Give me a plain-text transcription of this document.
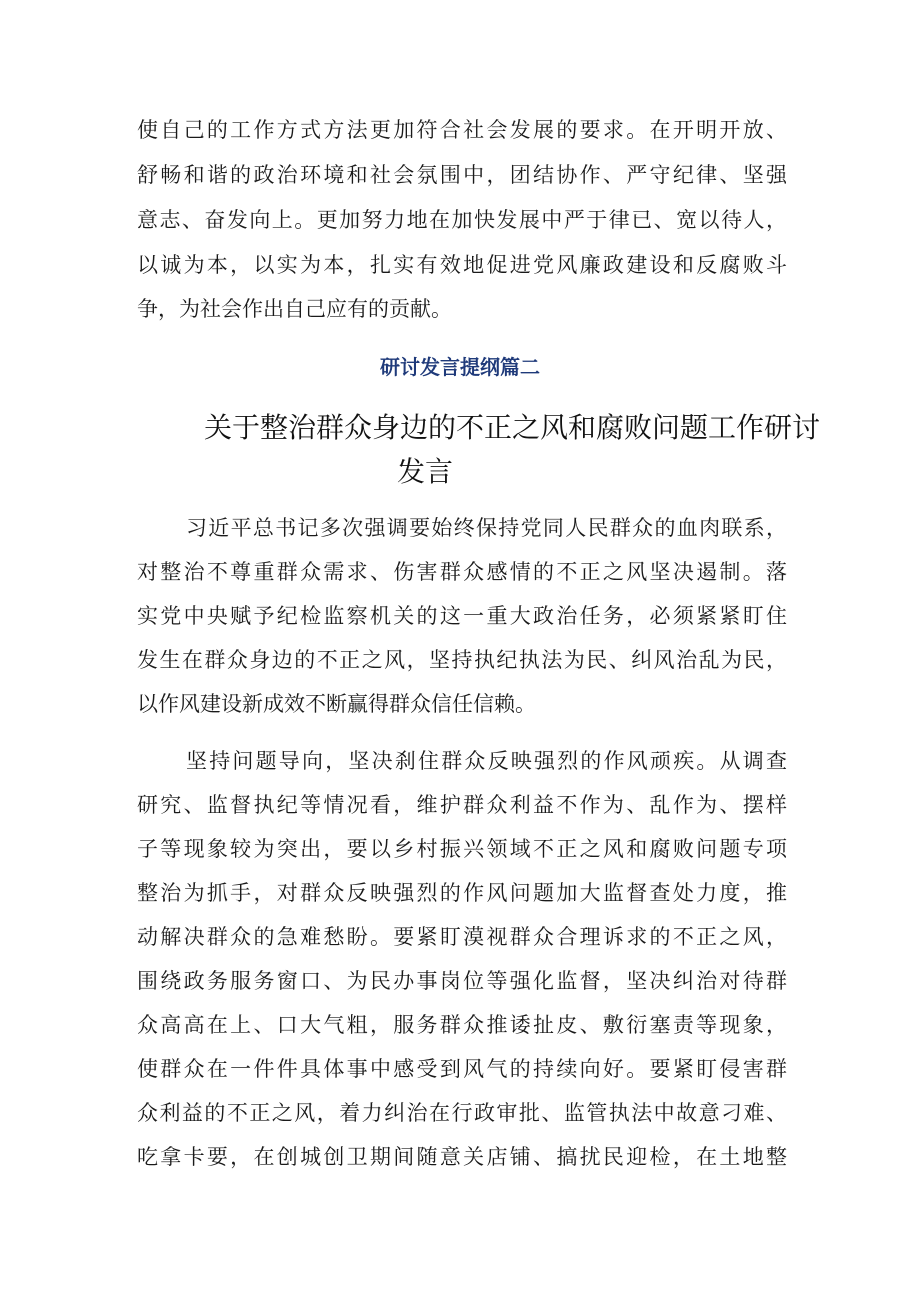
使自己的工作方式方法更加符合社会发展的要求。在开明开放、
舒畅和谐的政治环境和社会氛围中，团结协作、严守纪律、坚强
意志、奋发向上。更加努力地在加快发展中严于律已、宽以待人，
以诚为本，以实为本，扎实有效地促进党风廉政建设和反腐败斗
争，为社会作出自己应有的贡献。
研讨发言提纲篇二
关于整治群众身边的不正之风和腐败问题工作研讨
发言
习近平总书记多次强调要始终保持党同人民群众的血肉联系，
对整治不尊重群众需求、伤害群众感情的不正之风坚决遏制。落
实党中央赋予纪检监察机关的这一重大政治任务，必须紧紧盯住
发生在群众身边的不正之风，坚持执纪执法为民、纠风治乱为民，
以作风建设新成效不断赢得群众信任信赖。
坚持问题导向，坚决刹住群众反映强烈的作风顽疾。从调查
研究、监督执纪等情况看，维护群众利益不作为、乱作为、摆样
子等现象较为突出，要以乡村振兴领域不正之风和腐败问题专项
整治为抓手，对群众反映强烈的作风问题加大监督查处力度，推
动解决群众的急难愁盼。要紧盯漠视群众合理诉求的不正之风，
围绕政务服务窗口、为民办事岗位等强化监督，坚决纠治对待群
众高高在上、口大气粗，服务群众推诿扯皮、敷衍塞责等现象，
使群众在一件件具体事中感受到风气的持续向好。要紧盯侵害群
众利益的不正之风，着力纠治在行政审批、监管执法中故意刁难、
吃拿卡要，在创城创卫期间随意关店铺、搞扰民迎检，在土地整
